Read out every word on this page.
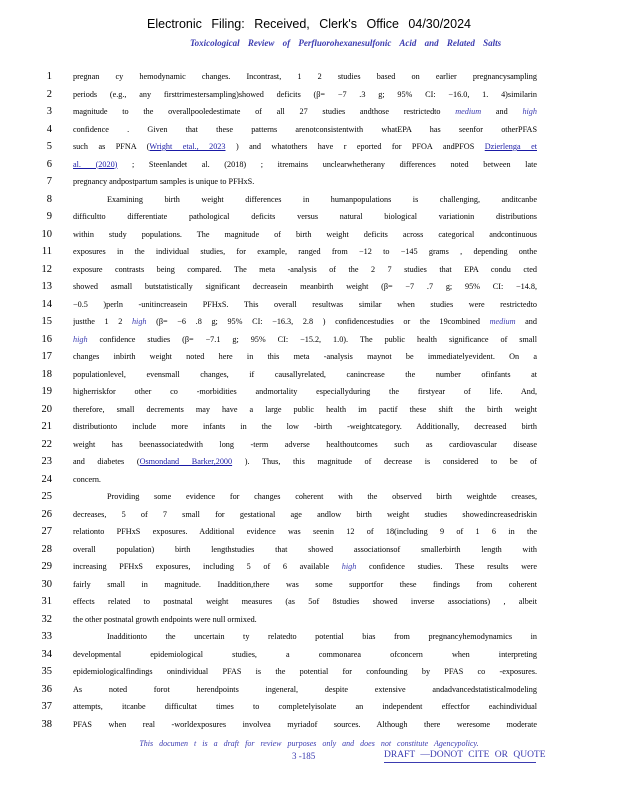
Electronic Filing: Received, Clerk's Office 04/30/2024
Toxicological Review of Perfluorohexanesulfonic Acid and Related Salts
1
2
3
4
5
6
7
8
9
10
11
12
13
14
15
16
17
18
19
20
21
22
23
24
25
26
27
28
29
30
31
32
33
34
35
36
37
38
pregnan cy hemodynamic changes. Incontrast, 1 2 studies based on earlier pregnancysampling
periods (e.g., any firsttrimestersampling)showed deficits (β= −7 .3 g; 95% CI: −16.0, 1. 4)similarin
magnitude to the overallpooledestimate of all 27 studies andthose restrictedto medium and high
confidence . Given that these patterns arenotconsistentwith whatEPA has seenfor otherPFAS
such as PFNA (Wright etal., 2023 ) and whatothers have r eported for PFOA andPFOS Dzierlenga et
al. (2020) ; Steenlandet al. (2018) ; itremains unclearwhetherany differences noted between late
pregnancy andpostpartum samples is unique to PFHxS.
Examining birth weight differences in humanpopulations is challenging, anditcanbe
difficultto differentiate pathological deficits versus natural biological variationin distributions
within study populations. The magnitude of birth weight deficits across categorical andcontinuous
exposures in the individual studies, for example, ranged from −12 to −145 grams , depending onthe
exposure contrasts being compared. The meta -analysis of the 2 7 studies that EPA condu cted
showed asmall butstatistically significant decreasein meanbirth weight (β= −7 .7 g; 95% CI: −14.8,
−0.5 )perln -unitincreasein PFHxS. This overall resultwas similar when studies were restrictedto
justthe 1 2 high (β= −6 .8 g; 95% CI: −16.3, 2.8 ) confidencestudies or the 19combined medium and
high confidence studies (β= −7.1 g; 95% CI: −15.2, 1.0). The public health significance of small
changes inbirth weight noted here in this meta -analysis maynot be immediatelyevident. On a
populationlevel, evensmall changes, if causallyrelated, canincrease the number ofinfants at
higherriskfor other co -morbidities andmortality especiallyduring the firstyear of life. And,
therefore, small decrements may have a large public health im pactif these shift the birth weight
distributionto include more infants in the low -birth -weightcategory. Additionally, decreased birth
weight has beenassociatedwith long -term adverse healthoutcomes such as cardiovascular disease
and diabetes (Osmondand Barker,2000 ). Thus, this magnitude of decrease is considered to be of
concern.
Providing some evidence for changes coherent with the observed birth weightde creases,
decreases, 5 of 7 small for gestational age andlow birth weight studies showedincreasedriskin
relationto PFHxS exposures. Additional evidence was seenin 12 of 18(including 9 of 1 6 in the
overall population) birth lengthstudies that showed associationsof smallerbirth length with
increasing PFHxS exposures, including 5 of 6 available high confidence studies. These results were
fairly small in magnitude. Inaddition,there was some supportfor these findings from coherent
effects related to postnatal weight measures (as 5of 8studies showed inverse associations) , albeit
the other postnatal growth endpoints were null ormixed.
Inadditionto the uncertain ty relatedto potential bias from pregnancyhemodynamics in
developmental epidemiological studies, a commonarea ofconcern when interpreting
epidemiologicalfindings onindividual PFAS is the potential for confounding by PFAS co -exposures.
As noted forot herendpoints ingeneral, despite extensive andadvancedstatisticalmodeling
attempts, itcanbe difficultat times to completelyisolate an independent effectfor eachindividual
PFAS when real -worldexposures involvea myriadof sources. Although there weresome moderate
This documen t is a draft for review purposes only and does not constitute Agencypolicy.
3 -185	DRAFT —DONOT CITE OR QUOTE
